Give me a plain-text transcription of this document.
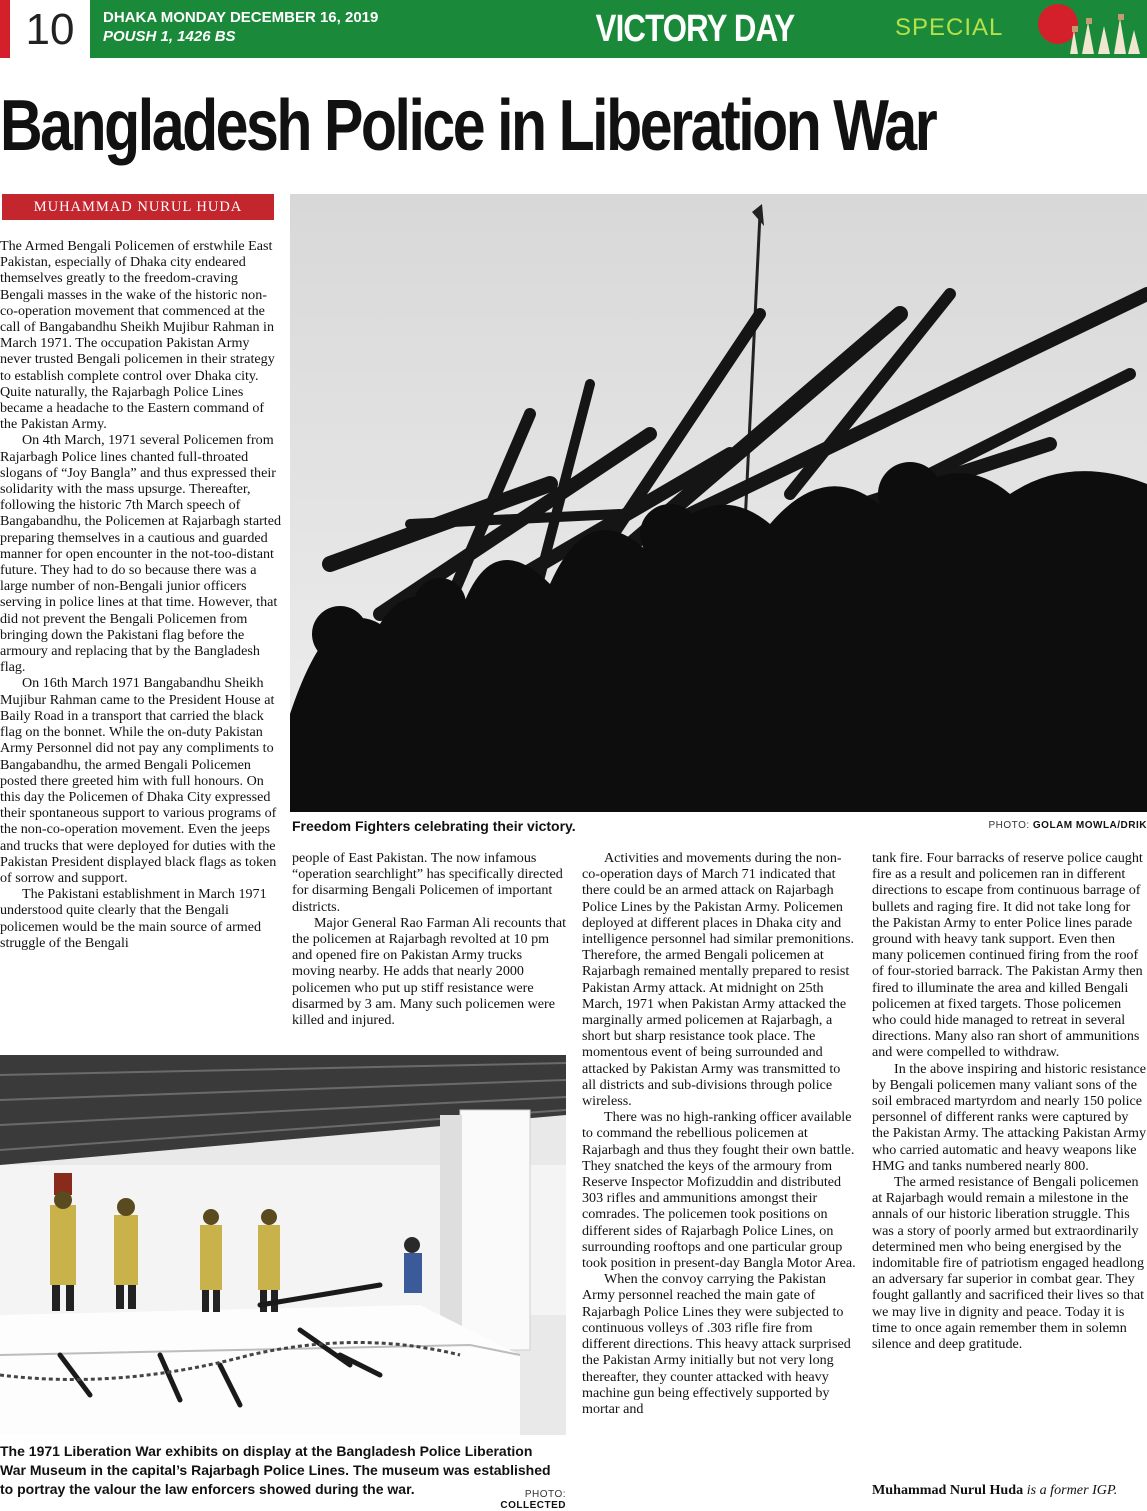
10	DHAKA MONDAY DECEMBER 16, 2019
POUSH 1, 1426 BS	VICTORY DAY	SPECIAL
Bangladesh Police in Liberation War
MUHAMMAD NURUL HUDA

The Armed Bengali Policemen of erstwhile East Pakistan, especially of Dhaka city endeared themselves greatly to the freedom-craving Bengali masses in the wake of the historic non-co-operation movement that commenced at the call of Bangabandhu Sheikh Mujibur Rahman in March 1971. The occupation Pakistan Army never trusted Bengali policemen in their strategy to establish complete control over Dhaka city. Quite naturally, the Rajarbagh Police Lines became a headache to the Eastern command of the Pakistan Army.

On 4th March, 1971 several Policemen from Rajarbagh Police lines chanted full-throated slogans of “Joy Bangla” and thus expressed their solidarity with the mass upsurge. Thereafter, following the historic 7th March speech of Bangabandhu, the Policemen at Rajarbagh started preparing themselves in a cautious and guarded manner for open encounter in the not-too-distant future. They had to do so because there was a large number of non-Bengali junior officers serving in police lines at that time. However, that did not prevent the Bengali Policemen from bringing down the Pakistani flag before the armoury and replacing that by the Bangladesh flag.

On 16th March 1971 Bangabandhu Sheikh Mujibur Rahman came to the President House at Baily Road in a transport that carried the black flag on the bonnet. While the on-duty Pakistan Army Personnel did not pay any compliments to Bangabandhu, the armed Bengali Policemen posted there greeted him with full honours. On this day the Policemen of Dhaka City expressed their spontaneous support to various programs of the non-co-operation movement. Even the jeeps and trucks that were deployed for duties with the Pakistan President displayed black flags as token of sorrow and support.

The Pakistani establishment in March 1971 understood quite clearly that the Bengali policemen would be the main source of armed struggle of the Bengali

Freedom Fighters celebrating their victory.	PHOTO: GOLAM MOWLA/DRIK

people of East Pakistan. The now infamous “operation searchlight” has specifically directed for disarming Bengali Policemen of important districts.

Major General Rao Farman Ali recounts that the policemen at Rajarbagh revolted at 10 pm and opened fire on Pakistan Army trucks moving nearby. He adds that nearly 2000 policemen who put up stiff resistance were disarmed by 3 am. Many such policemen were killed and injured.

Activities and movements during the non-co-operation days of March 71 indicated that there could be an armed attack on Rajarbagh Police Lines by the Pakistan Army. Policemen deployed at different places in Dhaka city and intelligence personnel had similar premonitions. Therefore, the armed Bengali policemen at Rajarbagh remained mentally prepared to resist Pakistan Army attack. At midnight on 25th March, 1971 when Pakistan Army attacked the marginally armed policemen at Rajarbagh, a short but sharp resistance took place. The momentous event of being surrounded and attacked by Pakistan Army was transmitted to all districts and sub-divisions through police wireless.

There was no high-ranking officer available to command the rebellious policemen at Rajarbagh and thus they fought their own battle. They snatched the keys of the armoury from Reserve Inspector Mofizuddin and distributed 303 rifles and ammunitions amongst their comrades. The policemen took positions on different sides of Rajarbagh Police Lines, on surrounding rooftops and one particular group took position in present-day Bangla Motor Area.

When the convoy carrying the Pakistan Army personnel reached the main gate of Rajarbagh Police Lines they were subjected to continuous volleys of .303 rifle fire from different directions. This heavy attack surprised the Pakistan Army initially but not very long thereafter, they counter attacked with heavy machine gun being effectively supported by mortar and

tank fire. Four barracks of reserve police caught fire as a result and policemen ran in different directions to escape from continuous barrage of bullets and raging fire. It did not take long for the Pakistan Army to enter Police lines parade ground with heavy tank support. Even then many policemen continued firing from the roof of four-storied barrack. The Pakistan Army then fired to illuminate the area and killed Bengali policemen at fixed targets. Those policemen who could hide managed to retreat in several directions. Many also ran short of ammunitions and were compelled to withdraw.

In the above inspiring and historic resistance by Bengali policemen many valiant sons of the soil embraced martyrdom and nearly 150 police personnel of different ranks were captured by the Pakistan Army. The attacking Pakistan Army who carried automatic and heavy weapons like HMG and tanks numbered nearly 800.

The armed resistance of Bengali policemen at Rajarbagh would remain a milestone in the annals of our historic liberation struggle. This was a story of poorly armed but extraordinarily determined men who being energised by the indomitable fire of patriotism engaged headlong an adversary far superior in combat gear. They fought gallantly and sacrificed their lives so that we may live in dignity and peace. Today it is time to once again remember them in solemn silence and deep gratitude.

Muhammad Nurul Huda is a former IGP.
The 1971 Liberation War exhibits on display at the Bangladesh Police Liberation War Museum in the capital’s Rajarbagh Police Lines. The museum was established to portray the valour the law enforcers showed during the war.	PHOTO: COLLECTED
